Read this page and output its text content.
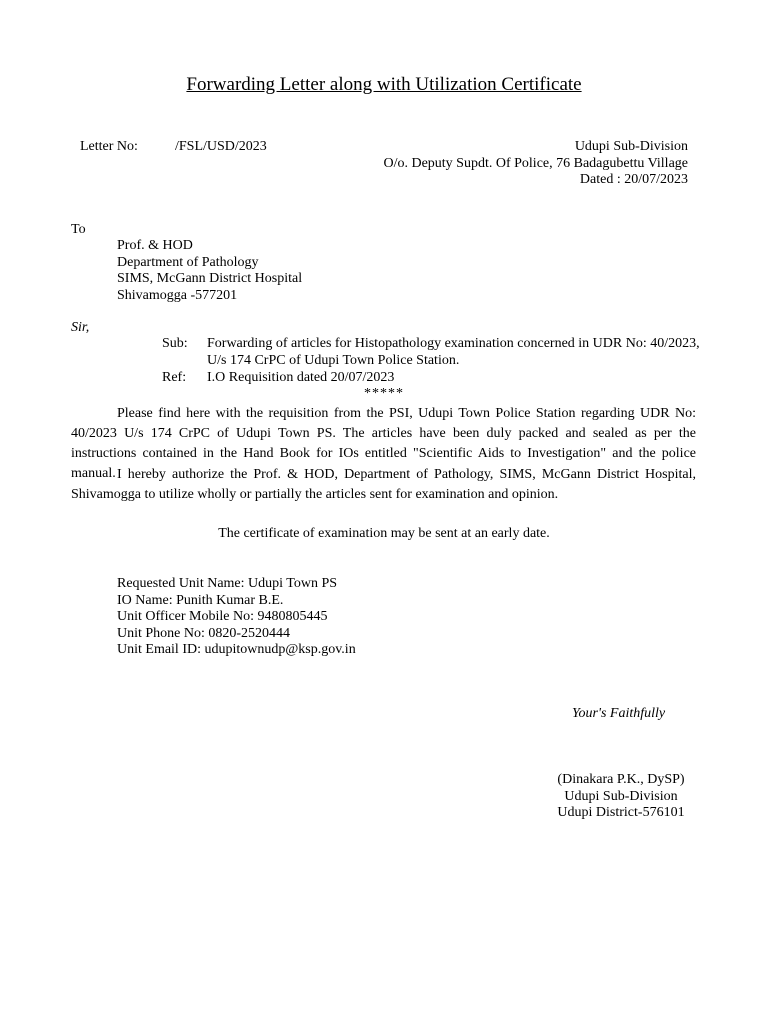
Forwarding Letter along with Utilization Certificate
Letter No:	/FSL/USD/2023	Udupi Sub-Division
O/o. Deputy Supdt. Of Police, 76 Badagubettu Village
Dated : 20/07/2023
To
Prof. & HOD
Department of Pathology
SIMS, McGann District Hospital
Shivamogga -577201
Sir,
Sub: Forwarding of articles for Histopathology examination concerned in UDR No: 40/2023,
U/s 174 CrPC of Udupi Town Police Station.
Ref: I.O Requisition dated 20/07/2023
*****

Please find here with the requisition from the PSI, Udupi Town Police Station regarding UDR No: 40/2023 U/s 174 CrPC of Udupi Town PS. The articles have been duly packed and sealed as per the instructions contained in the Hand Book for IOs entitled "Scientific Aids to Investigation" and the police manual. I hereby authorize the Prof. & HOD, Department of Pathology, SIMS, McGann District Hospital, Shivamogga to utilize wholly or partially the articles sent for examination and opinion.

The certificate of examination may be sent at an early date.
Requested Unit Name: Udupi Town PS
IO Name: Punith Kumar B.E.
Unit Officer Mobile No: 9480805445
Unit Phone No: 0820-2520444
Unit Email ID: udupitownudp@ksp.gov.in
Your's Faithfully
(Dinakara P.K., DySP)
Udupi Sub-Division
Udupi District-576101
